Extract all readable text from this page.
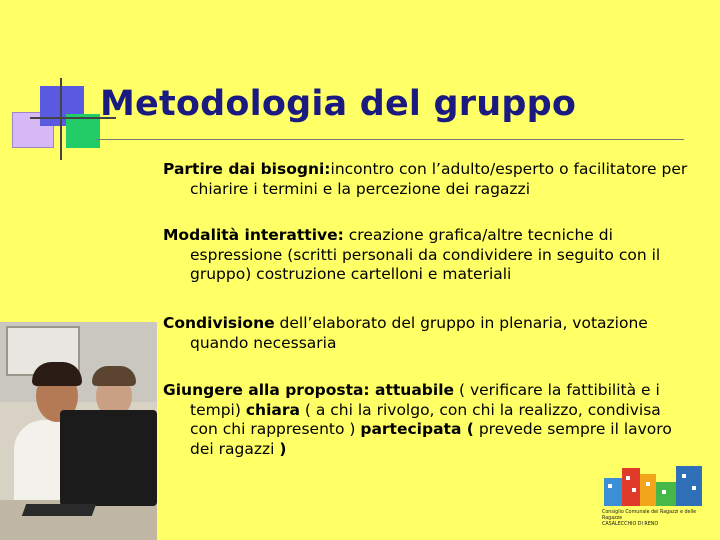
Metodologia del gruppo

Partire dai bisogni:incontro con l’adulto/esperto o facilitatore per chiarire i termini e la percezione dei ragazzi

Modalità interattive: creazione grafica/altre tecniche di espressione (scritti personali da condividere in seguito con il gruppo) costruzione cartelloni e materiali

Condivisione dell’elaborato del gruppo in plenaria, votazione quando necessaria

Giungere alla proposta: attuabile ( verificare la fattibilità e i tempi) chiara ( a chi la rivolgo, con chi la realizzo, condivisa con chi rappresento ) partecipata ( prevede sempre il lavoro dei ragazzi )

Consiglio Comunale dei Ragazzi e delle Ragazze
CASALECCHIO DI RENO
